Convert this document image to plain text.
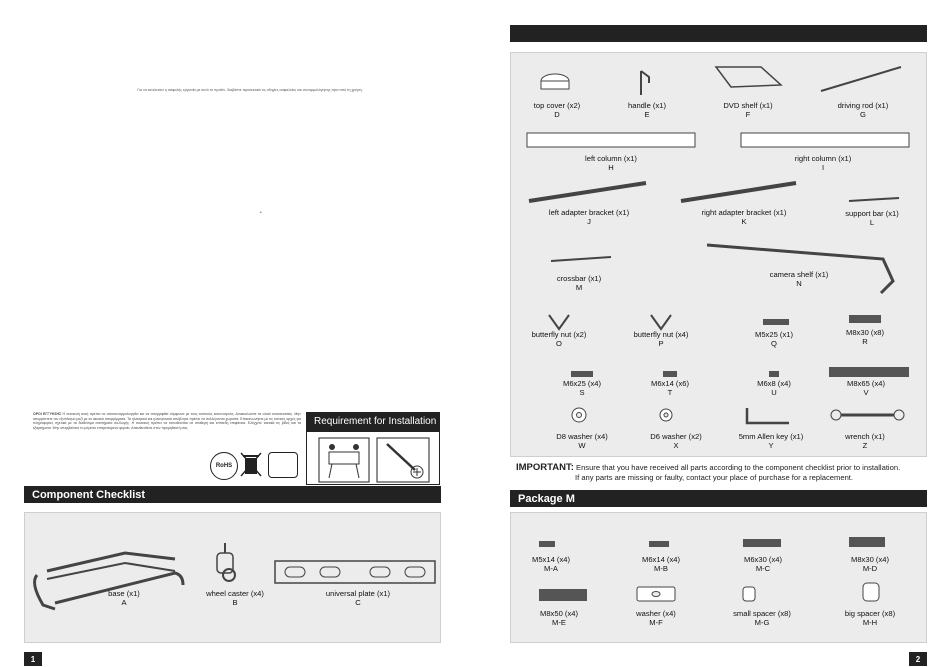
Για να εκτελεστεί η ασφαλής εργασία με αυτό το προϊόν, διαβάστε προσεκτικά τις οδηγίες ασφαλείας και συναρμολόγησης πριν από τη χρήση.
•
ΟΡΟΙ ΕΓΓΥΗΣΗΣ Η συσκευή αυτή πρέπει να αποσυναρμολογηθεί και να απορριφθεί σύμφωνα με τους τοπικούς κανονισμούς. Ανακυκλώστε τα υλικά συσκευασίας. Μην απορρίπτετε τον εξοπλισμό μαζί με τα οικιακά απορρίμματα. Τα ηλεκτρικά και ηλεκτρονικά απόβλητα πρέπει να συλλέγονται χωριστά. Επικοινωνήστε με τις τοπικές αρχές για πληροφορίες σχετικά με τα διαθέσιμα συστήματα συλλογής. Η συσκευή πρέπει να τοποθετείται σε σταθερή και επίπεδη επιφάνεια. Ελέγχετε τακτικά τις βίδες και τα εξαρτήματα. Μην υπερβαίνετε το μέγιστο επιτρεπόμενο φορτίο. Απευθυνθείτε στον προμηθευτή σας.
Requirement for Installation
RoHS
Component Checklist
base (x1)
A
wheel caster (x4)
B
universal plate (x1)
C
1
top cover (x2)
D
handle (x1)
E
DVD shelf (x1)
F
driving rod (x1)
G
left column (x1)
H
right column (x1)
I
left adapter bracket (x1)
J
right adapter bracket (x1)
K
support bar (x1)
L
crossbar (x1)
M
camera shelf (x1)
N
butterfly nut (x2)
O
butterfly nut (x4)
P
M5x25 (x1)
Q
M8x30 (x8)
R
M6x25 (x4)
S
M6x14 (x6)
T
M6x8 (x4)
U
M8x65 (x4)
V
D8 washer (x4)
W
D6 washer (x2)
X
5mm Allen key (x1)
Y
wrench (x1)
Z
IMPORTANT: Ensure that you have received all parts according to the component checklist prior to installation.
If any parts are missing or faulty, contact your place of purchase for a replacement.
Package M
M5x14 (x4)
M-A
M6x14 (x4)
M-B
M6x30 (x4)
M-C
M8x30 (x4)
M-D
M8x50 (x4)
M-E
washer (x4)
M-F
small spacer (x8)
M-G
big spacer (x8)
M-H
2
